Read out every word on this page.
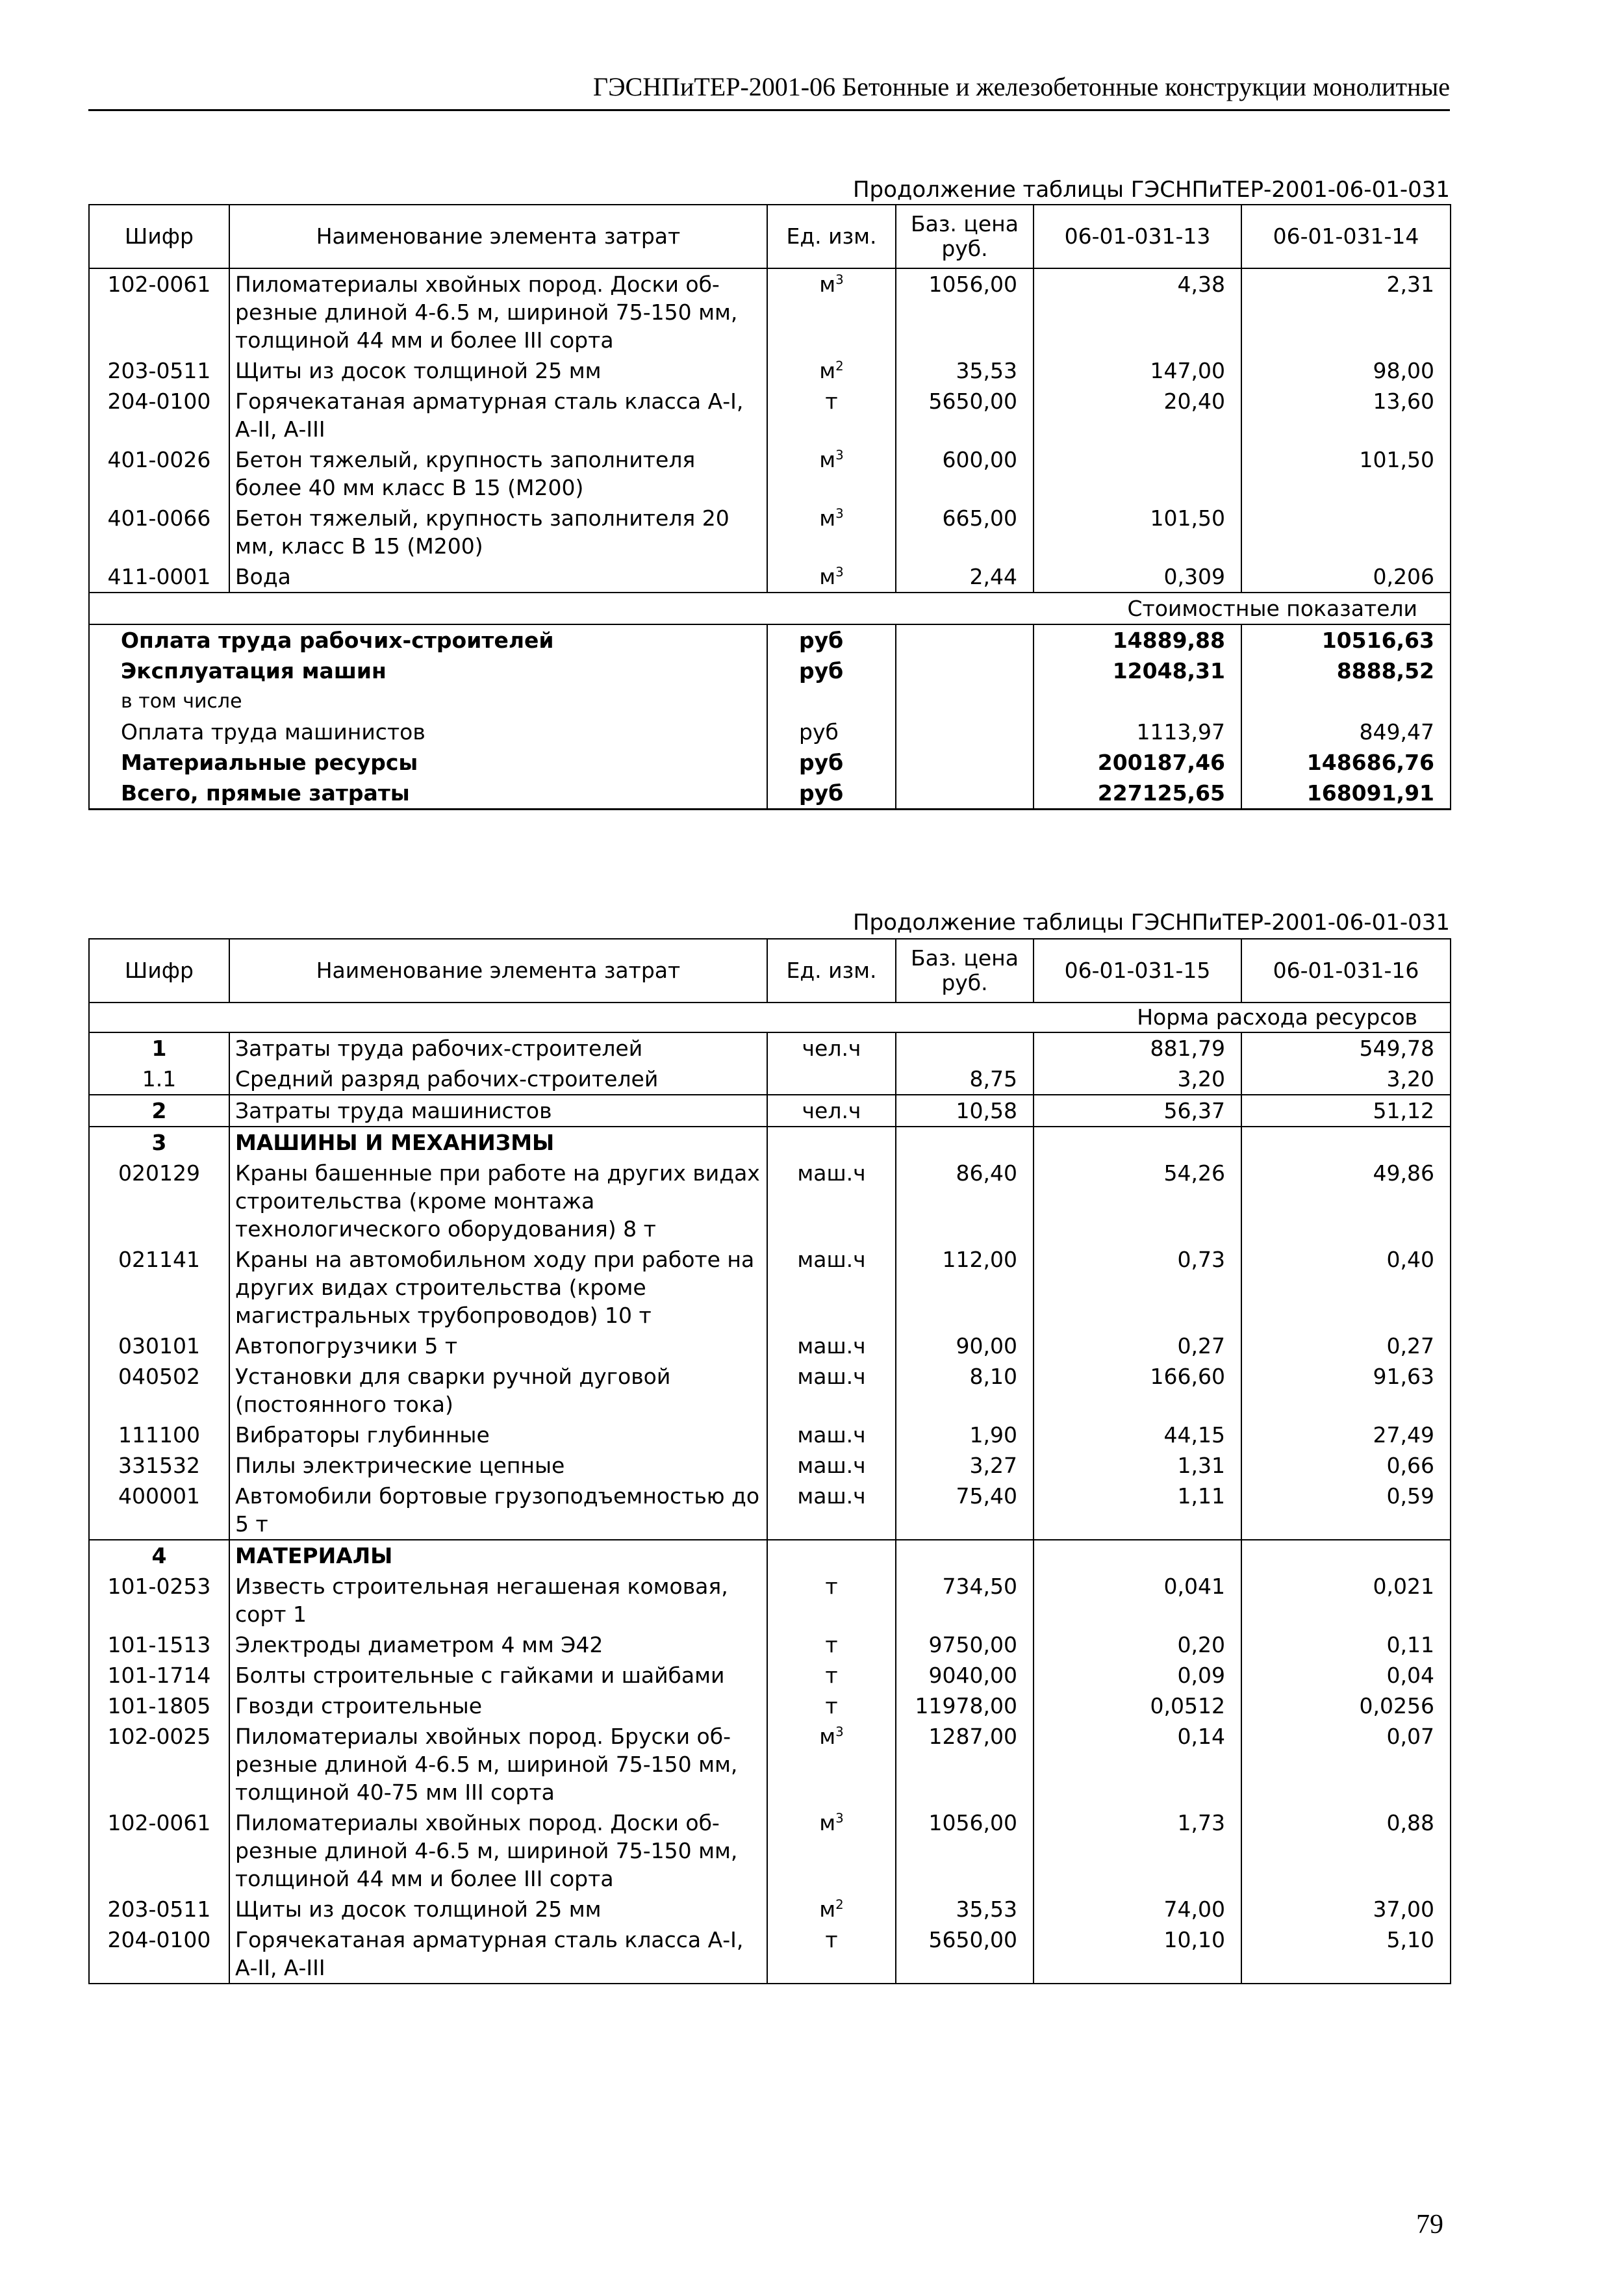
ГЭСНПиТЕР-2001-06 Бетонные и железобетонные конструкции монолитные
Продолжение таблицы ГЭСНПиТЕР-2001-06-01-031
Шифр	Наименование элемента затрат	Ед. изм.	Баз. цена руб.	06-01-031-13	06-01-031-14
102-0061	Пиломатериалы хвойных пород. Доски об-резные длиной 4-6.5 м, шириной 75-150 мм, толщиной 44 мм и более III сорта	$м^3$	1056,00	4,38	2,31
203-0511	Щиты из досок толщиной 25 мм	$м^2$	35,53	147,00	98,00
204-0100	Горячекатаная арматурная сталь класса А-I, А-II, А-III	т	5650,00	20,40	13,60
401-0026	Бетон тяжелый, крупность заполнителя более 40 мм класс В 15 (М200)	$м^3$	600,00		101,50
401-0066	Бетон тяжелый, крупность заполнителя 20 мм, класс В 15 (М200)	$м^3$	665,00	101,50	
411-0001	Вода	$м^3$	2,44	0,309	0,206
Стоимостные показатели					
Оплата труда рабочих-строителей		руб		14889,88	10516,63
Эксплуатация машин		руб		12048,31	8888,52
в том числе					
Оплата труда машинистов		руб		1113,97	849,47
Материальные ресурсы		руб		200187,46	148686,76
Всего, прямые затраты		руб		227125,65	168091,91
Продолжение таблицы ГЭСНПиТЕР-2001-06-01-031
Шифр	Наименование элемента затрат	Ед. изм.	Баз. цена руб.	06-01-031-15	06-01-031-16
Норма расхода ресурсов					
1	Затраты труда рабочих-строителей	чел.ч		881,79	549,78
1.1	Средний разряд рабочих-строителей		8,75	3,20	3,20
2	Затраты труда машинистов	чел.ч	10,58	56,37	51,12
3	МАШИНЫ И МЕХАНИЗМЫ				
020129	Краны башенные при работе на других видах строительства (кроме монтажа технологического оборудования) 8 т	маш.ч	86,40	54,26	49,86
021141	Краны на автомобильном ходу при работе на других видах строительства (кроме магистральных трубопроводов) 10 т	маш.ч	112,00	0,73	0,40
030101	Автопогрузчики 5 т	маш.ч	90,00	0,27	0,27
040502	Установки для сварки ручной дуговой (постоянного тока)	маш.ч	8,10	166,60	91,63
111100	Вибраторы глубинные	маш.ч	1,90	44,15	27,49
331532	Пилы электрические цепные	маш.ч	3,27	1,31	0,66
400001	Автомобили бортовые грузоподъемностью до 5 т	маш.ч	75,40	1,11	0,59
4	МАТЕРИАЛЫ				
101-0253	Известь строительная негашеная комовая, сорт 1	т	734,50	0,041	0,021
101-1513	Электроды диаметром 4 мм Э42	т	9750,00	0,20	0,11
101-1714	Болты строительные с гайками и шайбами	т	9040,00	0,09	0,04
101-1805	Гвозди строительные	т	11978,00	0,0512	0,0256
102-0025	Пиломатериалы хвойных пород. Бруски об-резные длиной 4-6.5 м, шириной 75-150 мм, толщиной 40-75 мм III сорта	$м^3$	1287,00	0,14	0,07
102-0061	Пиломатериалы хвойных пород. Доски об-резные длиной 4-6.5 м, шириной 75-150 мм, толщиной 44 мм и более III сорта	$м^3$	1056,00	1,73	0,88
203-0511	Щиты из досок толщиной 25 мм	$м^2$	35,53	74,00	37,00
204-0100	Горячекатаная арматурная сталь класса А-I, А-II, А-III	т	5650,00	10,10	5,10
79
